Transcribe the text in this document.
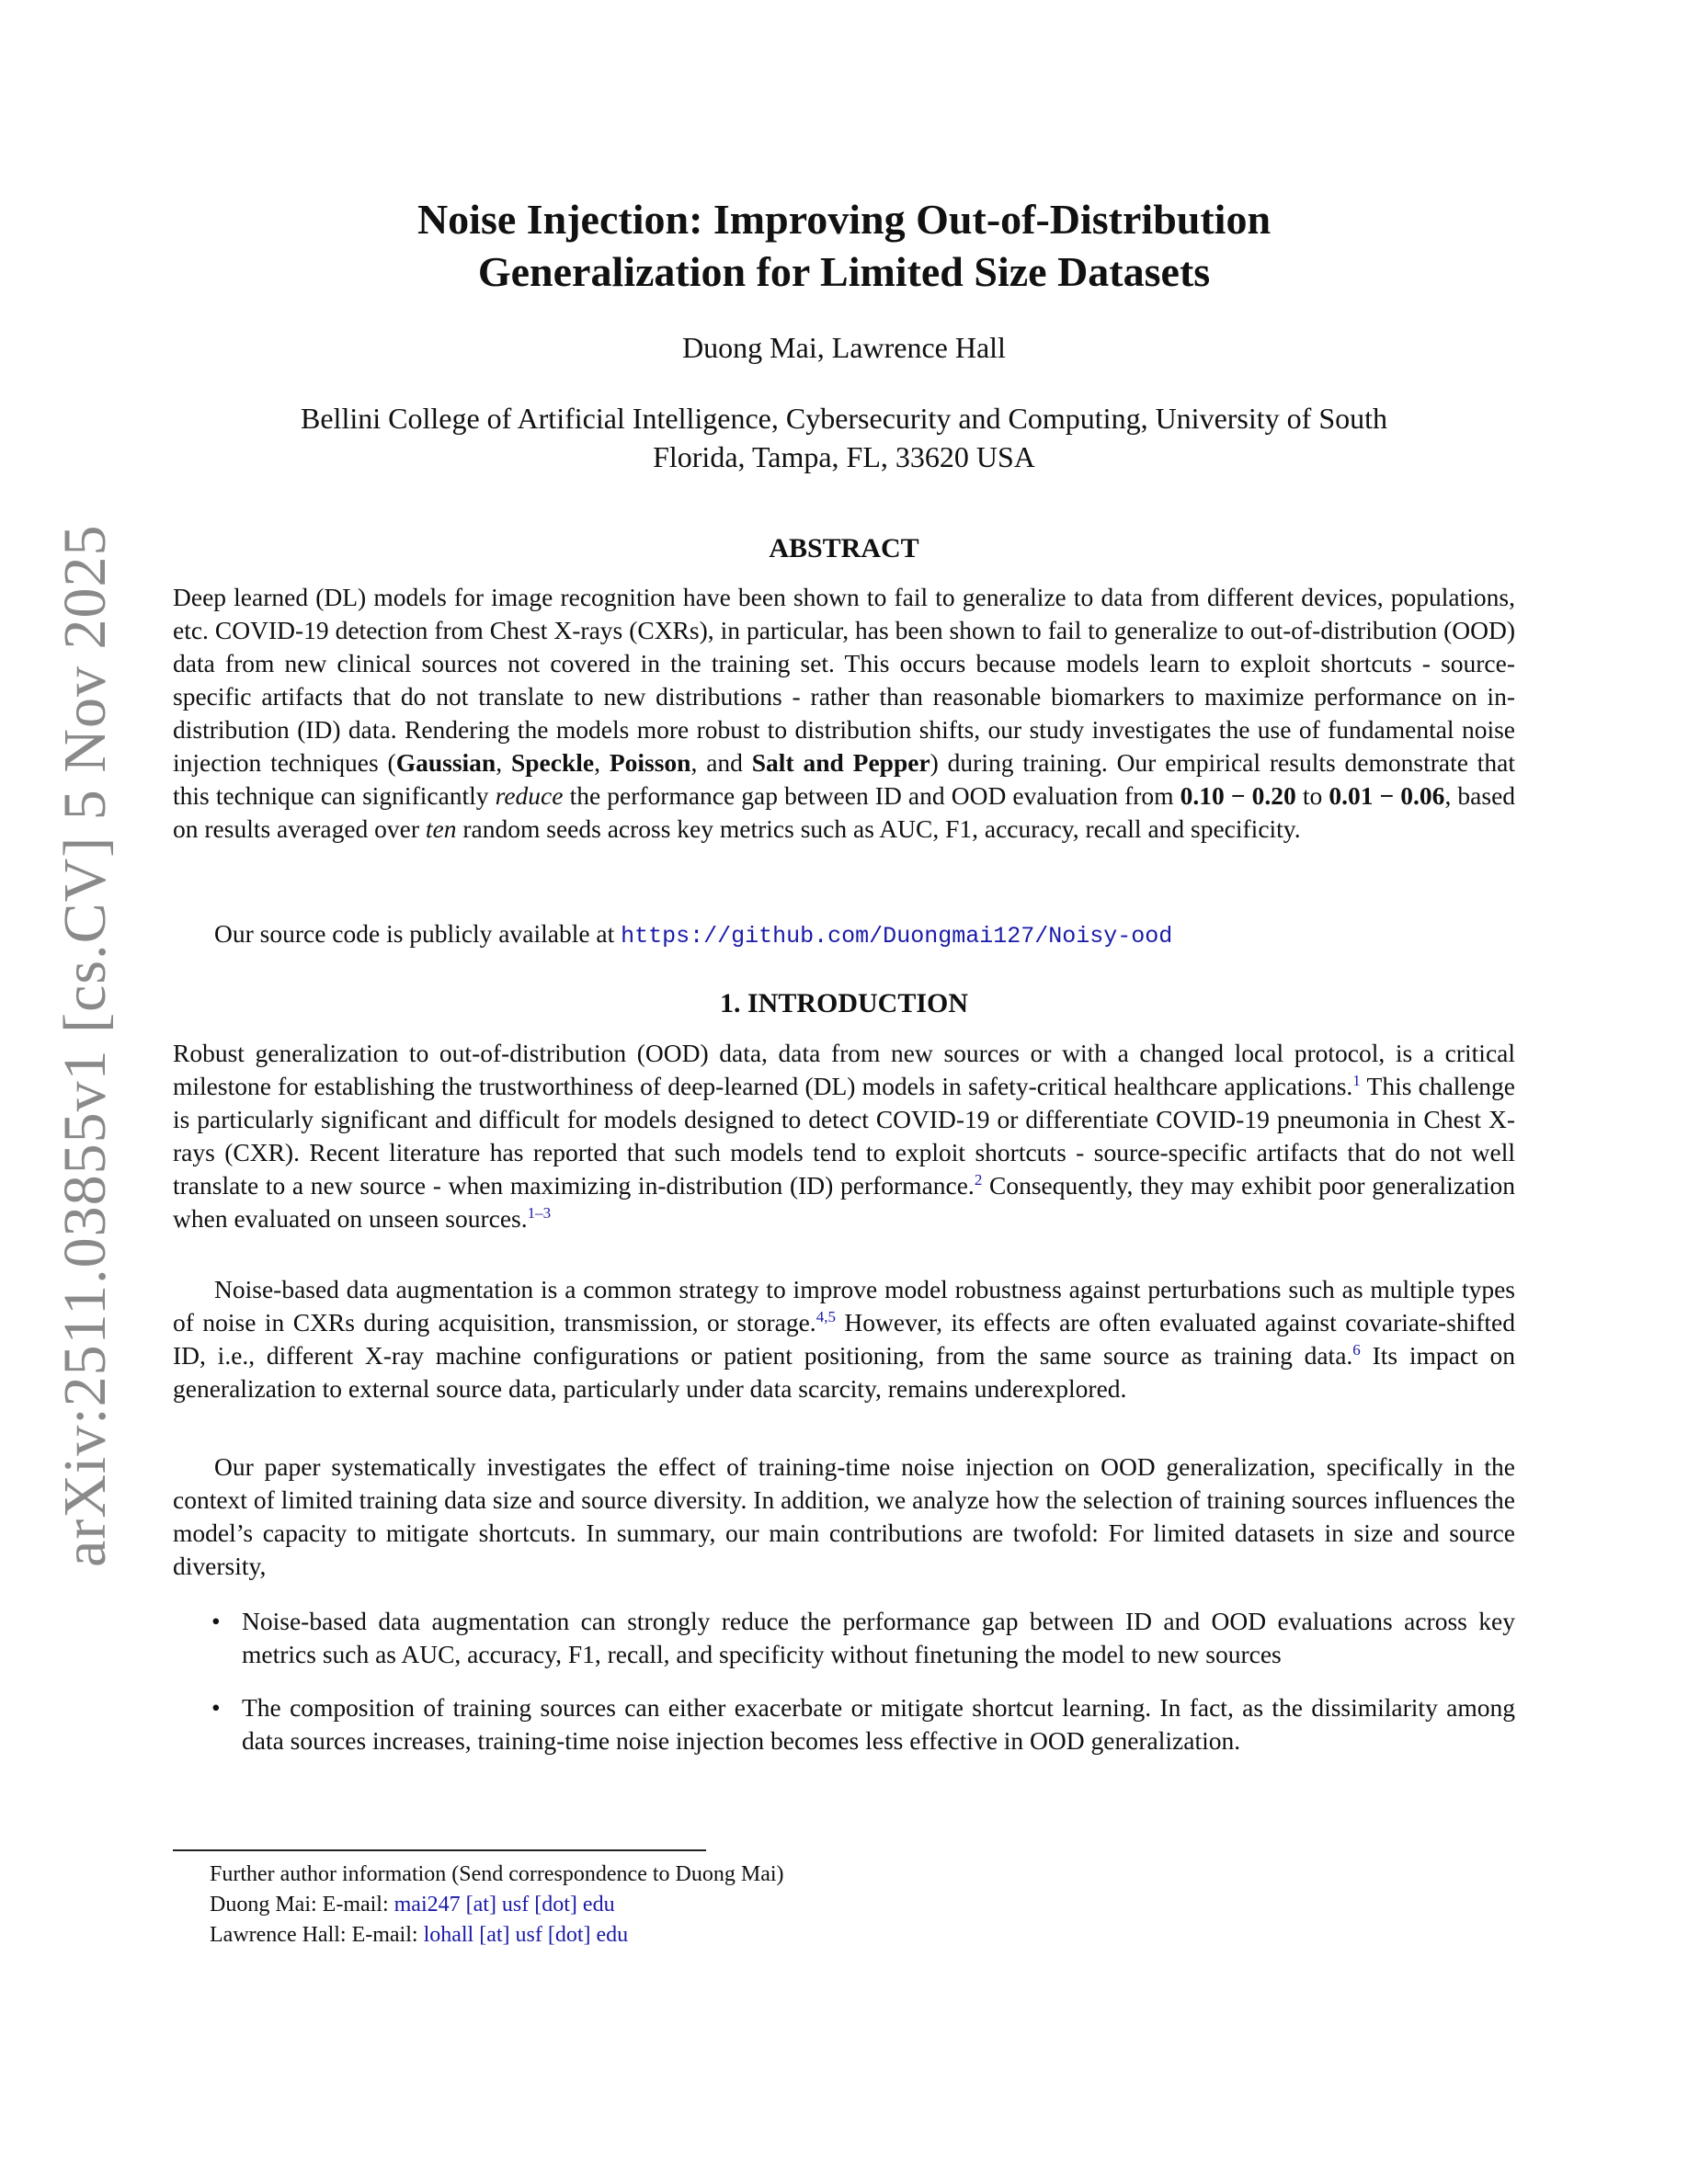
arXiv:2511.03855v1 [cs.CV] 5 Nov 2025
Noise Injection: Improving Out-of-Distribution
Generalization for Limited Size Datasets
Duong Mai, Lawrence Hall
Bellini College of Artificial Intelligence, Cybersecurity and Computing, University of South
Florida, Tampa, FL, 33620 USA
ABSTRACT

Deep learned (DL) models for image recognition have been shown to fail to generalize to data from different devices, populations, etc. COVID-19 detection from Chest X-rays (CXRs), in particular, has been shown to fail to generalize to out-of-distribution (OOD) data from new clinical sources not covered in the training set. This occurs because models learn to exploit shortcuts - source-specific artifacts that do not translate to new distributions - rather than reasonable biomarkers to maximize performance on in-distribution (ID) data. Rendering the models more robust to distribution shifts, our study investigates the use of fundamental noise injection techniques (Gaussian, Speckle, Poisson, and Salt and Pepper) during training. Our empirical results demonstrate that this technique can significantly reduce the performance gap between ID and OOD evaluation from 0.10 − 0.20 to 0.01 − 0.06, based on results averaged over ten random seeds across key metrics such as AUC, F1, accuracy, recall and specificity.

Our source code is publicly available at https://github.com/Duongmai127/Noisy-ood

1. INTRODUCTION

Robust generalization to out-of-distribution (OOD) data, data from new sources or with a changed local protocol, is a critical milestone for establishing the trustworthiness of deep-learned (DL) models in safety-critical healthcare applications.$^1$ This challenge is particularly significant and difficult for models designed to detect COVID-19 or differentiate COVID-19 pneumonia in Chest X-rays (CXR). Recent literature has reported that such models tend to exploit shortcuts - source-specific artifacts that do not well translate to a new source - when maximizing in-distribution (ID) performance.$^2$ Consequently, they may exhibit poor generalization when evaluated on unseen sources.$^{1-3}$

Noise-based data augmentation is a common strategy to improve model robustness against perturbations such as multiple types of noise in CXRs during acquisition, transmission, or storage.$^{4,5}$ However, its effects are often evaluated against covariate-shifted ID, i.e., different X-ray machine configurations or patient positioning, from the same source as training data.$^6$ Its impact on generalization to external source data, particularly under data scarcity, remains underexplored.

Our paper systematically investigates the effect of training-time noise injection on OOD generalization, specifically in the context of limited training data size and source diversity. In addition, we analyze how the selection of training sources influences the model’s capacity to mitigate shortcuts. In summary, our main contributions are twofold: For limited datasets in size and source diversity,

• Noise-based data augmentation can strongly reduce the performance gap between ID and OOD evaluations across key metrics such as AUC, accuracy, F1, recall, and specificity without finetuning the model to new sources
• The composition of training sources can either exacerbate or mitigate shortcut learning. In fact, as the dissimilarity among data sources increases, training-time noise injection becomes less effective in OOD generalization.
Further author information (Send correspondence to Duong Mai)
Duong Mai: E-mail: mai247 [at] usf [dot] edu
Lawrence Hall: E-mail: lohall [at] usf [dot] edu
